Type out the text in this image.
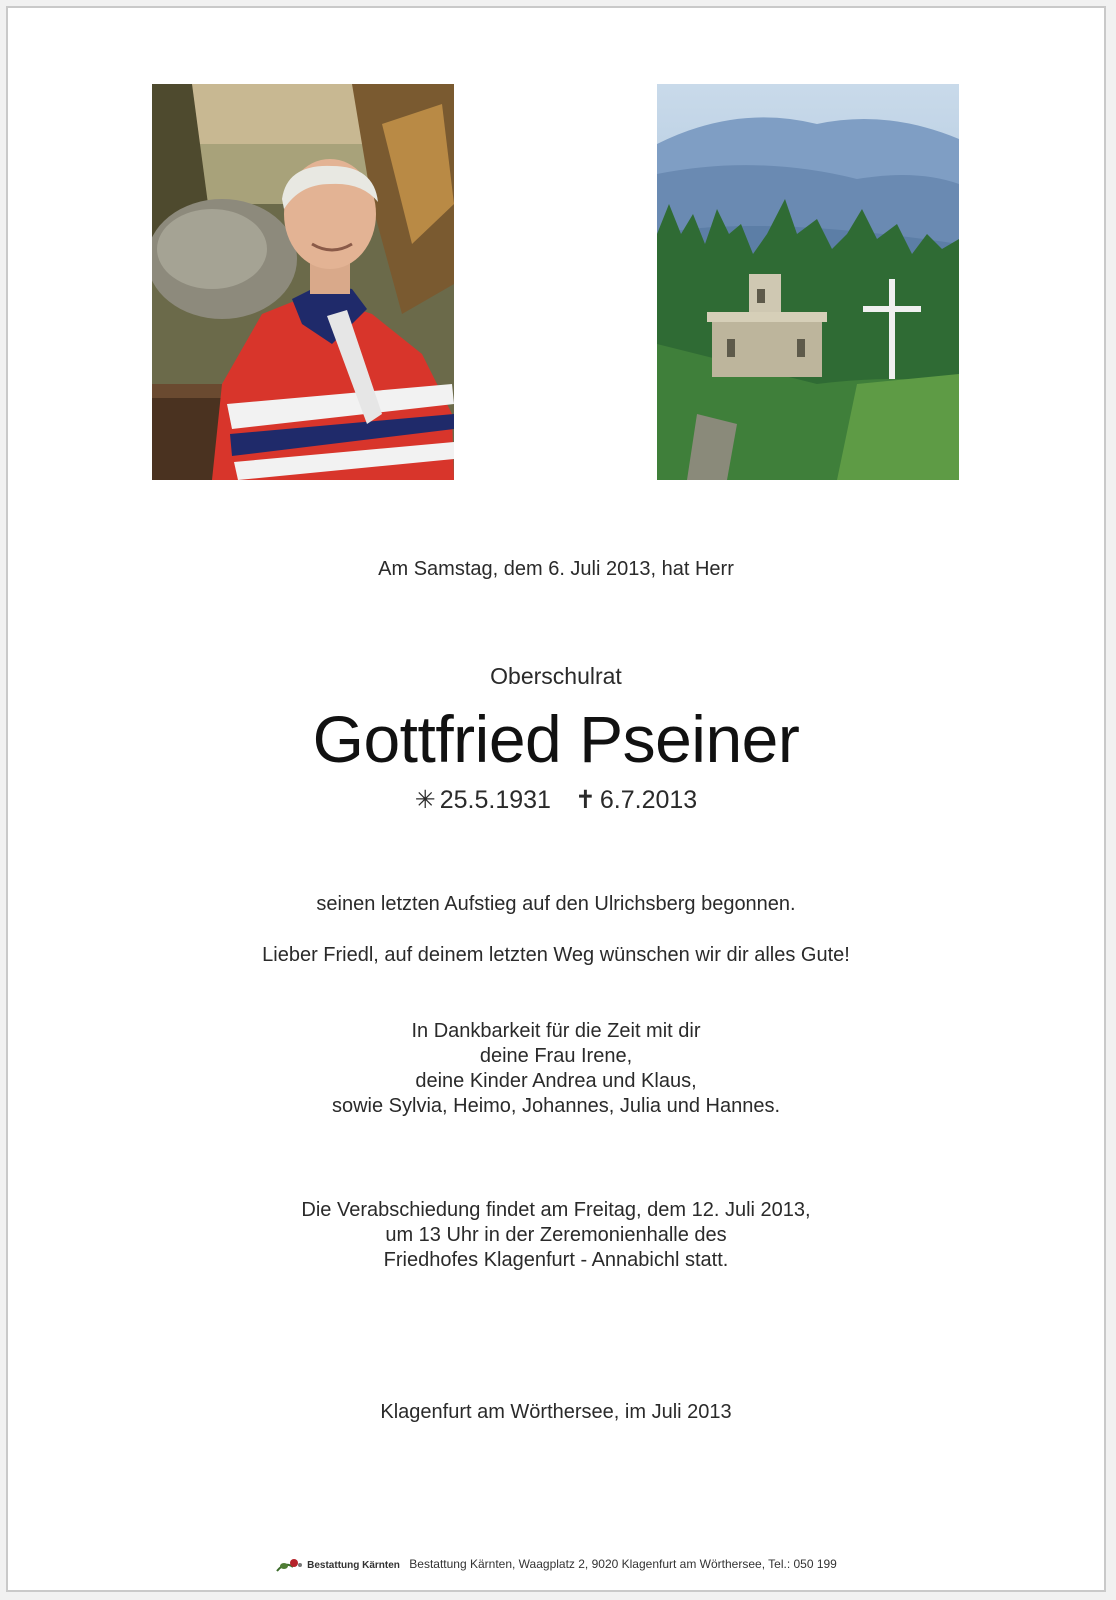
Am Samstag, dem 6. Juli 2013, hat Herr
Oberschulrat
Gottfried Pseiner
✳ 25.5.1931 ✝ 6.7.2013
seinen letzten Aufstieg auf den Ulrichsberg begonnen.
Lieber Friedl, auf deinem letzten Weg wünschen wir dir alles Gute!
In Dankbarkeit für die Zeit mit dir
deine Frau Irene,
deine Kinder Andrea und Klaus,
sowie Sylvia, Heimo, Johannes, Julia und Hannes.
Die Verabschiedung findet am Freitag, dem 12. Juli 2013,
um 13 Uhr in der Zeremonienhalle des
Friedhofes Klagenfurt - Annabichl statt.
Klagenfurt am Wörthersee, im Juli 2013
Bestattung Kärnten Bestattung Kärnten, Waagplatz 2, 9020 Klagenfurt am Wörthersee, Tel.: 050 199
